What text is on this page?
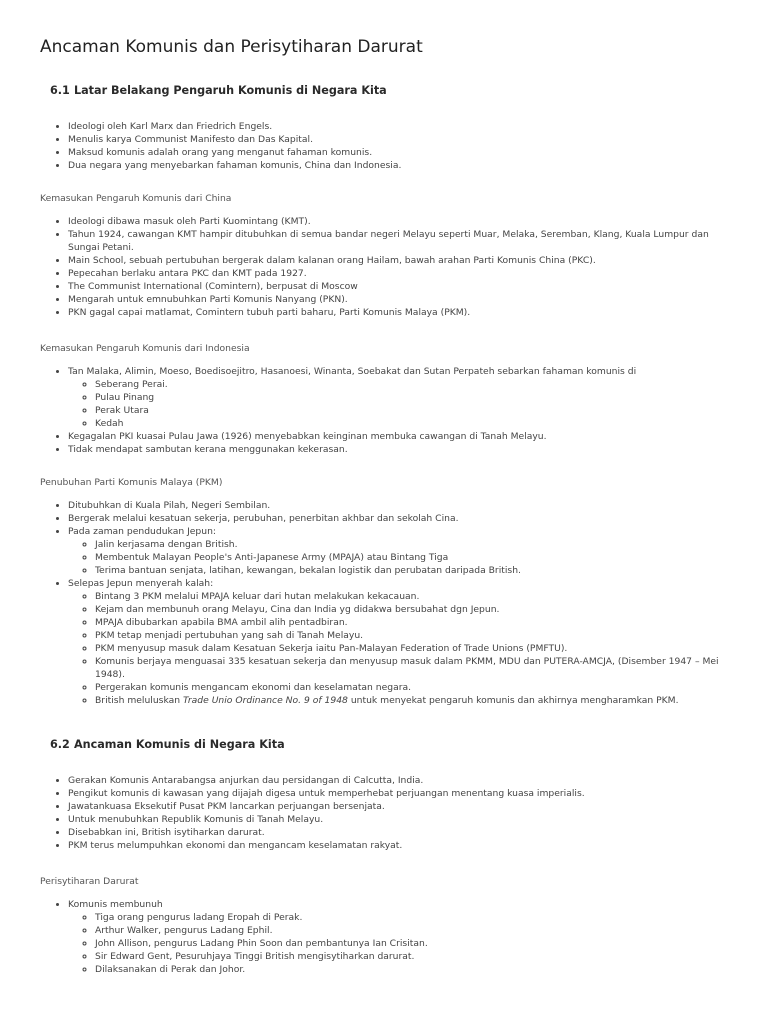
Ancaman Komunis dan Perisytiharan Darurat
6.1 Latar Belakang Pengaruh Komunis di Negara Kita
• Ideologi oleh Karl Marx dan Friedrich Engels.
• Menulis karya Communist Manifesto dan Das Kapital.
• Maksud komunis adalah orang yang menganut fahaman komunis.
• Dua negara yang menyebarkan fahaman komunis, China dan Indonesia.

Kemasukan Pengaruh Komunis dari China

• Ideologi dibawa masuk oleh Parti Kuomintang (KMT).
• Tahun 1924, cawangan KMT hampir ditubuhkan di semua bandar negeri Melayu seperti Muar, Melaka, Seremban, Klang, Kuala Lumpur dan Sungai Petani.
• Main School, sebuah pertubuhan bergerak dalam kalanan orang Hailam, bawah arahan Parti Komunis China (PKC).
• Pepecahan berlaku antara PKC dan KMT pada 1927.
• The Communist International (Comintern), berpusat di Moscow
• Mengarah untuk emnubuhkan Parti Komunis Nanyang (PKN).
• PKN gagal capai matlamat, Comintern tubuh parti baharu, Parti Komunis Malaya (PKM).

Kemasukan Pengaruh Komunis dari Indonesia

• Tan Malaka, Alimin, Moeso, Boedisoejitro, Hasanoesi, Winanta, Soebakat dan Sutan Perpateh sebarkan fahaman komunis di
◦ Seberang Perai.
◦ Pulau Pinang
◦ Perak Utara
◦ Kedah
• Kegagalan PKI kuasai Pulau Jawa (1926) menyebabkan keinginan membuka cawangan di Tanah Melayu.
• Tidak mendapat sambutan kerana menggunakan kekerasan.

Penubuhan Parti Komunis Malaya (PKM)

• Ditubuhkan di Kuala Pilah, Negeri Sembilan.
• Bergerak melalui kesatuan sekerja, perubuhan, penerbitan akhbar dan sekolah Cina.
• Pada zaman pendudukan Jepun:
◦ Jalin kerjasama dengan British.
◦ Membentuk Malayan People's Anti-Japanese Army (MPAJA) atau Bintang Tiga
◦ Terima bantuan senjata, latihan, kewangan, bekalan logistik dan perubatan daripada British.
• Selepas Jepun menyerah kalah:
◦ Bintang 3 PKM melalui MPAJA keluar dari hutan melakukan kekacauan.
◦ Kejam dan membunuh orang Melayu, Cina dan India yg didakwa bersubahat dgn Jepun.
◦ MPAJA dibubarkan apabila BMA ambil alih pentadbiran.
◦ PKM tetap menjadi pertubuhan yang sah di Tanah Melayu.
◦ PKM menyusup masuk dalam Kesatuan Sekerja iaitu Pan-Malayan Federation of Trade Unions (PMFTU).
◦ Komunis berjaya menguasai 335 kesatuan sekerja dan menyusup masuk dalam PKMM, MDU dan PUTERA-AMCJA, (Disember 1947 – Mei 1948).
◦ Pergerakan komunis mengancam ekonomi dan keselamatan negara.
◦ British meluluskan Trade Unio Ordinance No. 9 of 1948 untuk menyekat pengaruh komunis dan akhirnya mengharamkan PKM.
6.2 Ancaman Komunis di Negara Kita
• Gerakan Komunis Antarabangsa anjurkan dau persidangan di Calcutta, India.
• Pengikut komunis di kawasan yang dijajah digesa untuk memperhebat perjuangan menentang kuasa imperialis.
• Jawatankuasa Eksekutif Pusat PKM lancarkan perjuangan bersenjata.
• Untuk menubuhkan Republik Komunis di Tanah Melayu.
• Disebabkan ini, British isytiharkan darurat.
• PKM terus melumpuhkan ekonomi dan mengancam keselamatan rakyat.

Perisytiharan Darurat

• Komunis membunuh
◦ Tiga orang pengurus ladang Eropah di Perak.
◦ Arthur Walker, pengurus Ladang Ephil.
◦ John Allison, pengurus Ladang Phin Soon dan pembantunya Ian Crisitan.
◦ Sir Edward Gent, Pesuruhjaya Tinggi British mengisytiharkan darurat.
◦ Dilaksanakan di Perak dan Johor.
